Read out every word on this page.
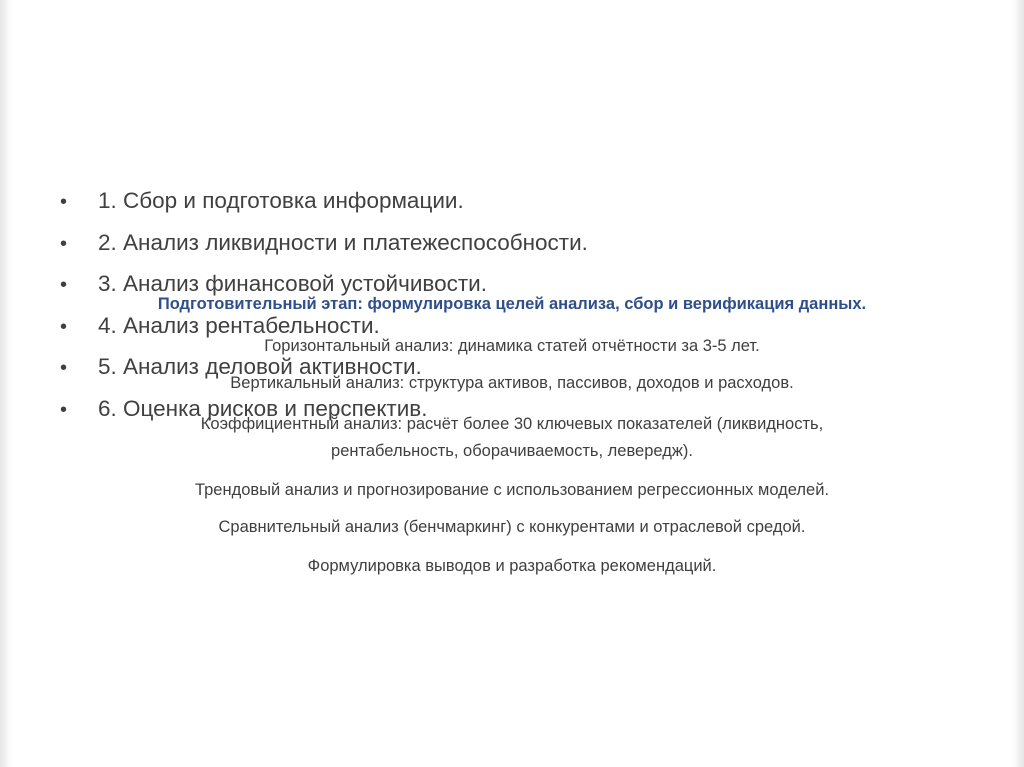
• 1. Сбор и подготовка информации.
• 2. Анализ ликвидности и платежеспособности.
• 3. Анализ финансовой устойчивости.
• 4. Анализ рентабельности.
• 5. Анализ деловой активности.
• 6. Оценка рисков и перспектив.
Подготовительный этап: формулировка целей анализа, сбор и верификация данных.
Горизонтальный анализ: динамика статей отчётности за 3-5 лет.
Вертикальный анализ: структура активов, пассивов, доходов и расходов.
Коэффициентный анализ: расчёт более 30 ключевых показателей (ликвидность,
рентабельность, оборачиваемость, левередж).
Трендовый анализ и прогнозирование с использованием регрессионных моделей.
Сравнительный анализ (бенчмаркинг) с конкурентами и отраслевой средой.
Формулировка выводов и разработка рекомендаций.
